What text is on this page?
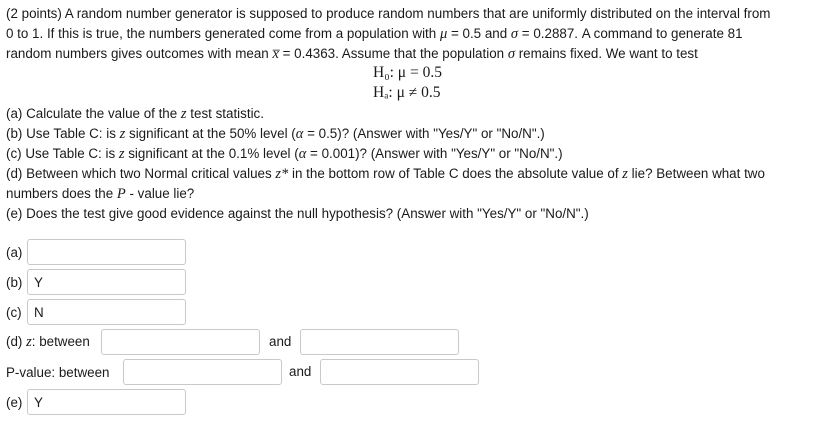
(2 points) A random number generator is supposed to produce random numbers that are uniformly distributed on the interval from
0 to 1. If this is true, the numbers generated come from a population with μ = 0.5 and σ = 0.2887. A command to generate 81
random numbers gives outcomes with mean x̅ = 0.4363. Assume that the population σ remains fixed. We want to test
H₀: μ = 0.5
Hₐ: μ ≠ 0.5
(a) Calculate the value of the z test statistic.
(b) Use Table C: is z significant at the 50% level (α = 0.5)? (Answer with "Yes/Y" or "No/N".)
(c) Use Table C: is z significant at the 0.1% level (α = 0.001)? (Answer with "Yes/Y" or "No/N".)
(d) Between which two Normal critical values z* in the bottom row of Table C does the absolute value of z lie? Between what two
numbers does the P - value lie?
(e) Does the test give good evidence against the null hypothesis? (Answer with "Yes/Y" or "No/N".)
(a)
(b)
Y
(c)
N
(d) z: between	and
P-value: between	and
(e)
Y
